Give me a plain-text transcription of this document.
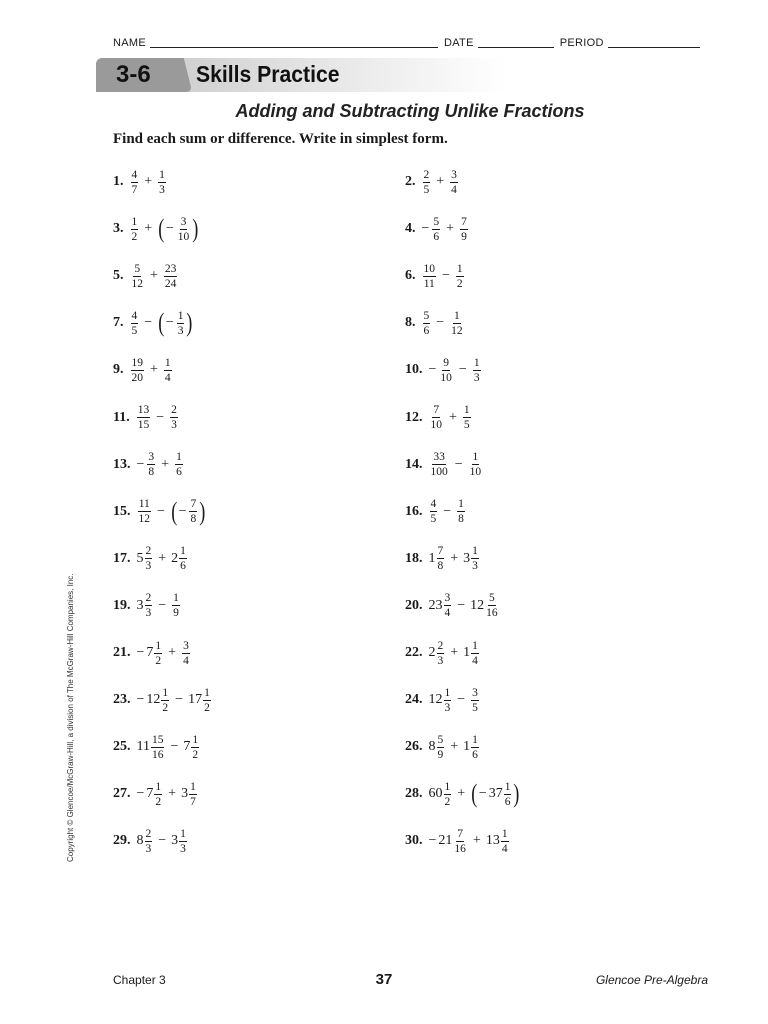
NAME	DATE	PERIOD
3-6 Skills Practice
Adding and Subtracting Unlike Fractions
Find each sum or difference. Write in simplest form.
1. $\frac{4}{7} + \frac{1}{3}$	2. $\frac{2}{5} + \frac{3}{4}$
3. $\frac{1}{2}$ + ( − $\frac{3}{10}$ )	4. − $\frac{5}{6} + \frac{7}{9}$
5. $\frac{5}{12} + \frac{23}{24}$	6. $\frac{10}{11} - \frac{1}{2}$
7. $\frac{4}{5}$ − ( − $\frac{1}{3}$ )	8. $\frac{5}{6} - \frac{1}{12}$
9. $\frac{19}{20} + \frac{1}{4}$	10. − $\frac{9}{10} - \frac{1}{3}$
11. $\frac{13}{15} - \frac{2}{3}$	12. $\frac{7}{10} + \frac{1}{5}$
13. − $\frac{3}{8} + \frac{1}{6}$	14. $\frac{33}{100} - \frac{1}{10}$
15. $\frac{11}{12}$ − ( − $\frac{7}{8}$ )	16. $\frac{4}{5} - \frac{1}{8}$
17. $5 \frac{2}{3} + 2 \frac{1}{6}$	18. $1 \frac{7}{8} + 3 \frac{1}{3}$
19. $3 \frac{2}{3} - \frac{1}{9}$	20. $23 \frac{3}{4} - 12 \frac{5}{16}$
21. − $7 \frac{1}{2} + \frac{3}{4}$	22. $2 \frac{2}{3} + 1 \frac{1}{4}$
23. − $12 \frac{1}{2} - 17 \frac{1}{2}$	24. $12 \frac{1}{3} - \frac{3}{5}$
25. $11 \frac{15}{16} - 7 \frac{1}{2}$	26. $8 \frac{5}{9} + 1 \frac{1}{6}$
27. − $7 \frac{1}{2} + 3 \frac{1}{7}$	28. $60 \frac{1}{2}$ + ( − $37 \frac{1}{6}$ )
29. $8 \frac{2}{3} - 3 \frac{1}{3}$	30. − $21 \frac{7}{16} + 13 \frac{1}{4}$
Copyright © Glencoe/McGraw-Hill, a division of The McGraw-Hill Companies, Inc.
Chapter 3	37	Glencoe Pre-Algebra
